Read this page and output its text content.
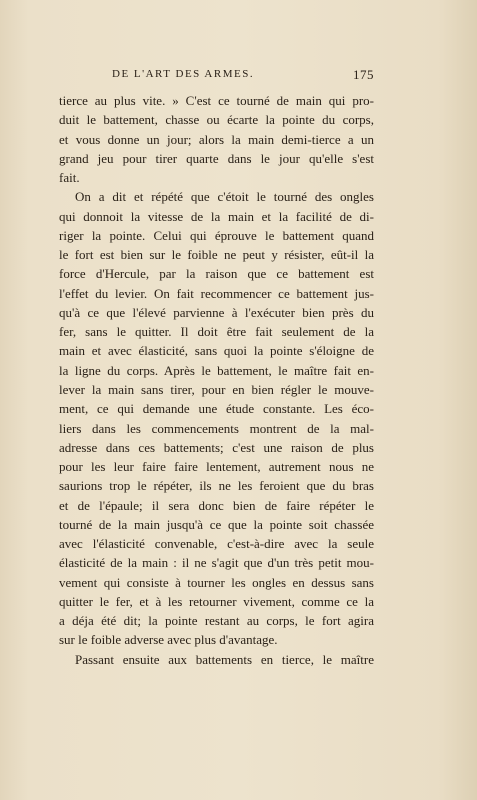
DE L'ART DES ARMES.	175
tierce au plus vite. » C'est ce tourné de main qui pro-
duit le battement, chasse ou écarte la pointe du corps,
et vous donne un jour; alors la main demi-tierce a un
grand jeu pour tirer quarte dans le jour qu'elle s'est
fait.
On a dit et répété que c'étoit le tourné des ongles
qui donnoit la vitesse de la main et la facilité de di-
riger la pointe. Celui qui éprouve le battement quand
le fort est bien sur le foible ne peut y résister, eût-il la
force d'Hercule, par la raison que ce battement est
l'effet du levier. On fait recommencer ce battement jus-
qu'à ce que l'élevé parvienne à l'exécuter bien près du
fer, sans le quitter. Il doit être fait seulement de la
main et avec élasticité, sans quoi la pointe s'éloigne de
la ligne du corps. Après le battement, le maître fait en-
lever la main sans tirer, pour en bien régler le mouve-
ment, ce qui demande une étude constante. Les éco-
liers dans les commencements montrent de la mal-
adresse dans ces battements; c'est une raison de plus
pour les leur faire faire lentement, autrement nous ne
saurions trop le répéter, ils ne les feroient que du bras
et de l'épaule; il sera donc bien de faire répéter le
tourné de la main jusqu'à ce que la pointe soit chassée
avec l'élasticité convenable, c'est-à-dire avec la seule
élasticité de la main : il ne s'agit que d'un très petit mou-
vement qui consiste à tourner les ongles en dessus sans
quitter le fer, et à les retourner vivement, comme ce la
a déja été dit; la pointe restant au corps, le fort agira
sur le foible adverse avec plus d'avantage.
Passant ensuite aux battements en tierce, le maître
